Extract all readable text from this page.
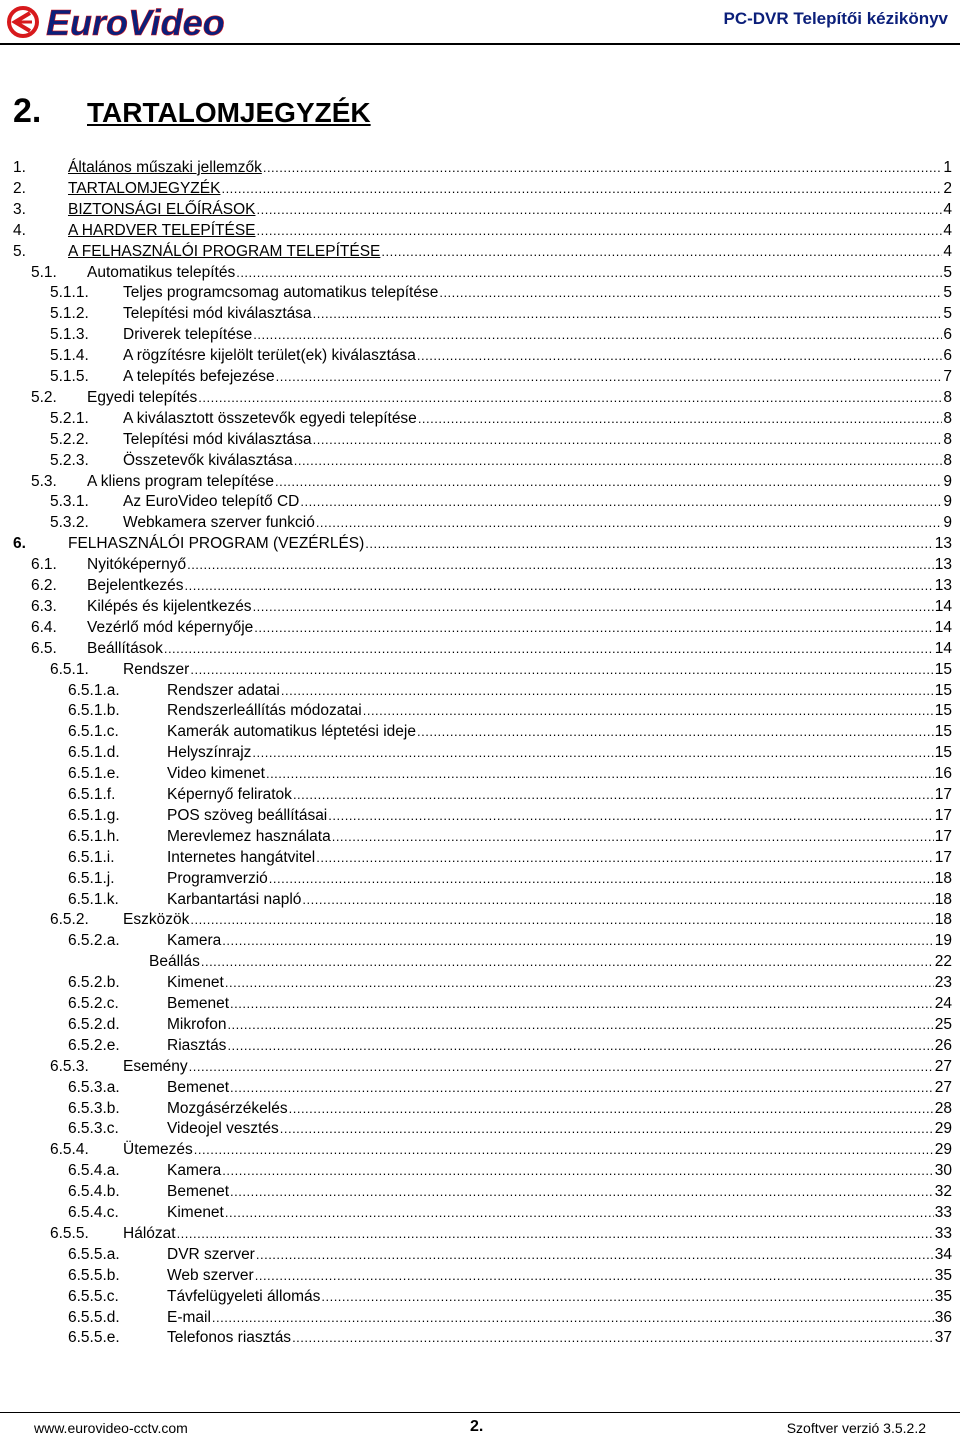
EuroVideo	PC-DVR Telepítői kézikönyv
2.	TARTALOMJEGYZÉK
1.	Általános műszaki jellemzők .....	1
2.	TARTALOMJEGYZÉK .....	2
3.	BIZTONSÁGI ELŐÍRÁSOK .....	4
4.	A HARDVER TELEPÍTÉSE .....	4
5.	A FELHASZNÁLÓI PROGRAM TELEPÍTÉSE .....	4
5.1.	Automatikus telepítés .....	5
5.1.1.	Teljes programcsomag automatikus telepítése .....	5
5.1.2.	Telepítési mód kiválasztása .....	5
5.1.3.	Driverek telepítése .....	6
5.1.4.	A rögzítésre kijelölt terület(ek) kiválasztása .....	6
5.1.5.	A telepítés befejezése .....	7
5.2.	Egyedi telepítés .....	8
5.2.1.	A kiválasztott összetevők egyedi telepítése .....	8
5.2.2.	Telepítési mód kiválasztása .....	8
5.2.3.	Összetevők kiválasztása .....	8
5.3.	A kliens program telepítése .....	9
5.3.1.	Az EuroVideo telepítő CD .....	9
5.3.2.	Webkamera szerver funkció .....	9
6.	FELHASZNÁLÓI PROGRAM (VEZÉRLÉS) .....	13
6.1.	Nyitóképernyő .....	13
6.2.	Bejelentkezés .....	13
6.3.	Kilépés és kijelentkezés .....	14
6.4.	Vezérlő mód képernyője .....	14
6.5.	Beállítások .....	14
6.5.1.	Rendszer .....	15
6.5.1.a.	Rendszer adatai .....	15
6.5.1.b.	Rendszerleállítás módozatai .....	15
6.5.1.c.	Kamerák automatikus léptetési ideje .....	15
6.5.1.d.	Helyszínrajz .....	15
6.5.1.e.	Video kimenet .....	16
6.5.1.f.	Képernyő feliratok .....	17
6.5.1.g.	POS szöveg beállításai .....	17
6.5.1.h.	Merevlemez használata .....	17
6.5.1.i.	Internetes hangátvitel .....	17
6.5.1.j.	Programverzió .....	18
6.5.1.k.	Karbantartási napló .....	18
6.5.2.	Eszközök .....	18
6.5.2.a.	Kamera .....	19
Beállás .....	22
6.5.2.b.	Kimenet .....	23
6.5.2.c.	Bemenet .....	24
6.5.2.d.	Mikrofon .....	25
6.5.2.e.	Riasztás .....	26
6.5.3.	Esemény .....	27
6.5.3.a.	Bemenet .....	27
6.5.3.b.	Mozgásérzékelés .....	28
6.5.3.c.	Videojel vesztés .....	29
6.5.4.	Ütemezés .....	29
6.5.4.a.	Kamera .....	30
6.5.4.b.	Bemenet .....	32
6.5.4.c.	Kimenet .....	33
6.5.5.	Hálózat .....	33
6.5.5.a.	DVR szerver .....	34
6.5.5.b.	Web szerver .....	35
6.5.5.c.	Távfelügyeleti állomás .....	35
6.5.5.d.	E-mail .....	36
6.5.5.e.	Telefonos riasztás .....	37
www.eurovideo-cctv.com	2.	Szoftver verzió 3.5.2.2
